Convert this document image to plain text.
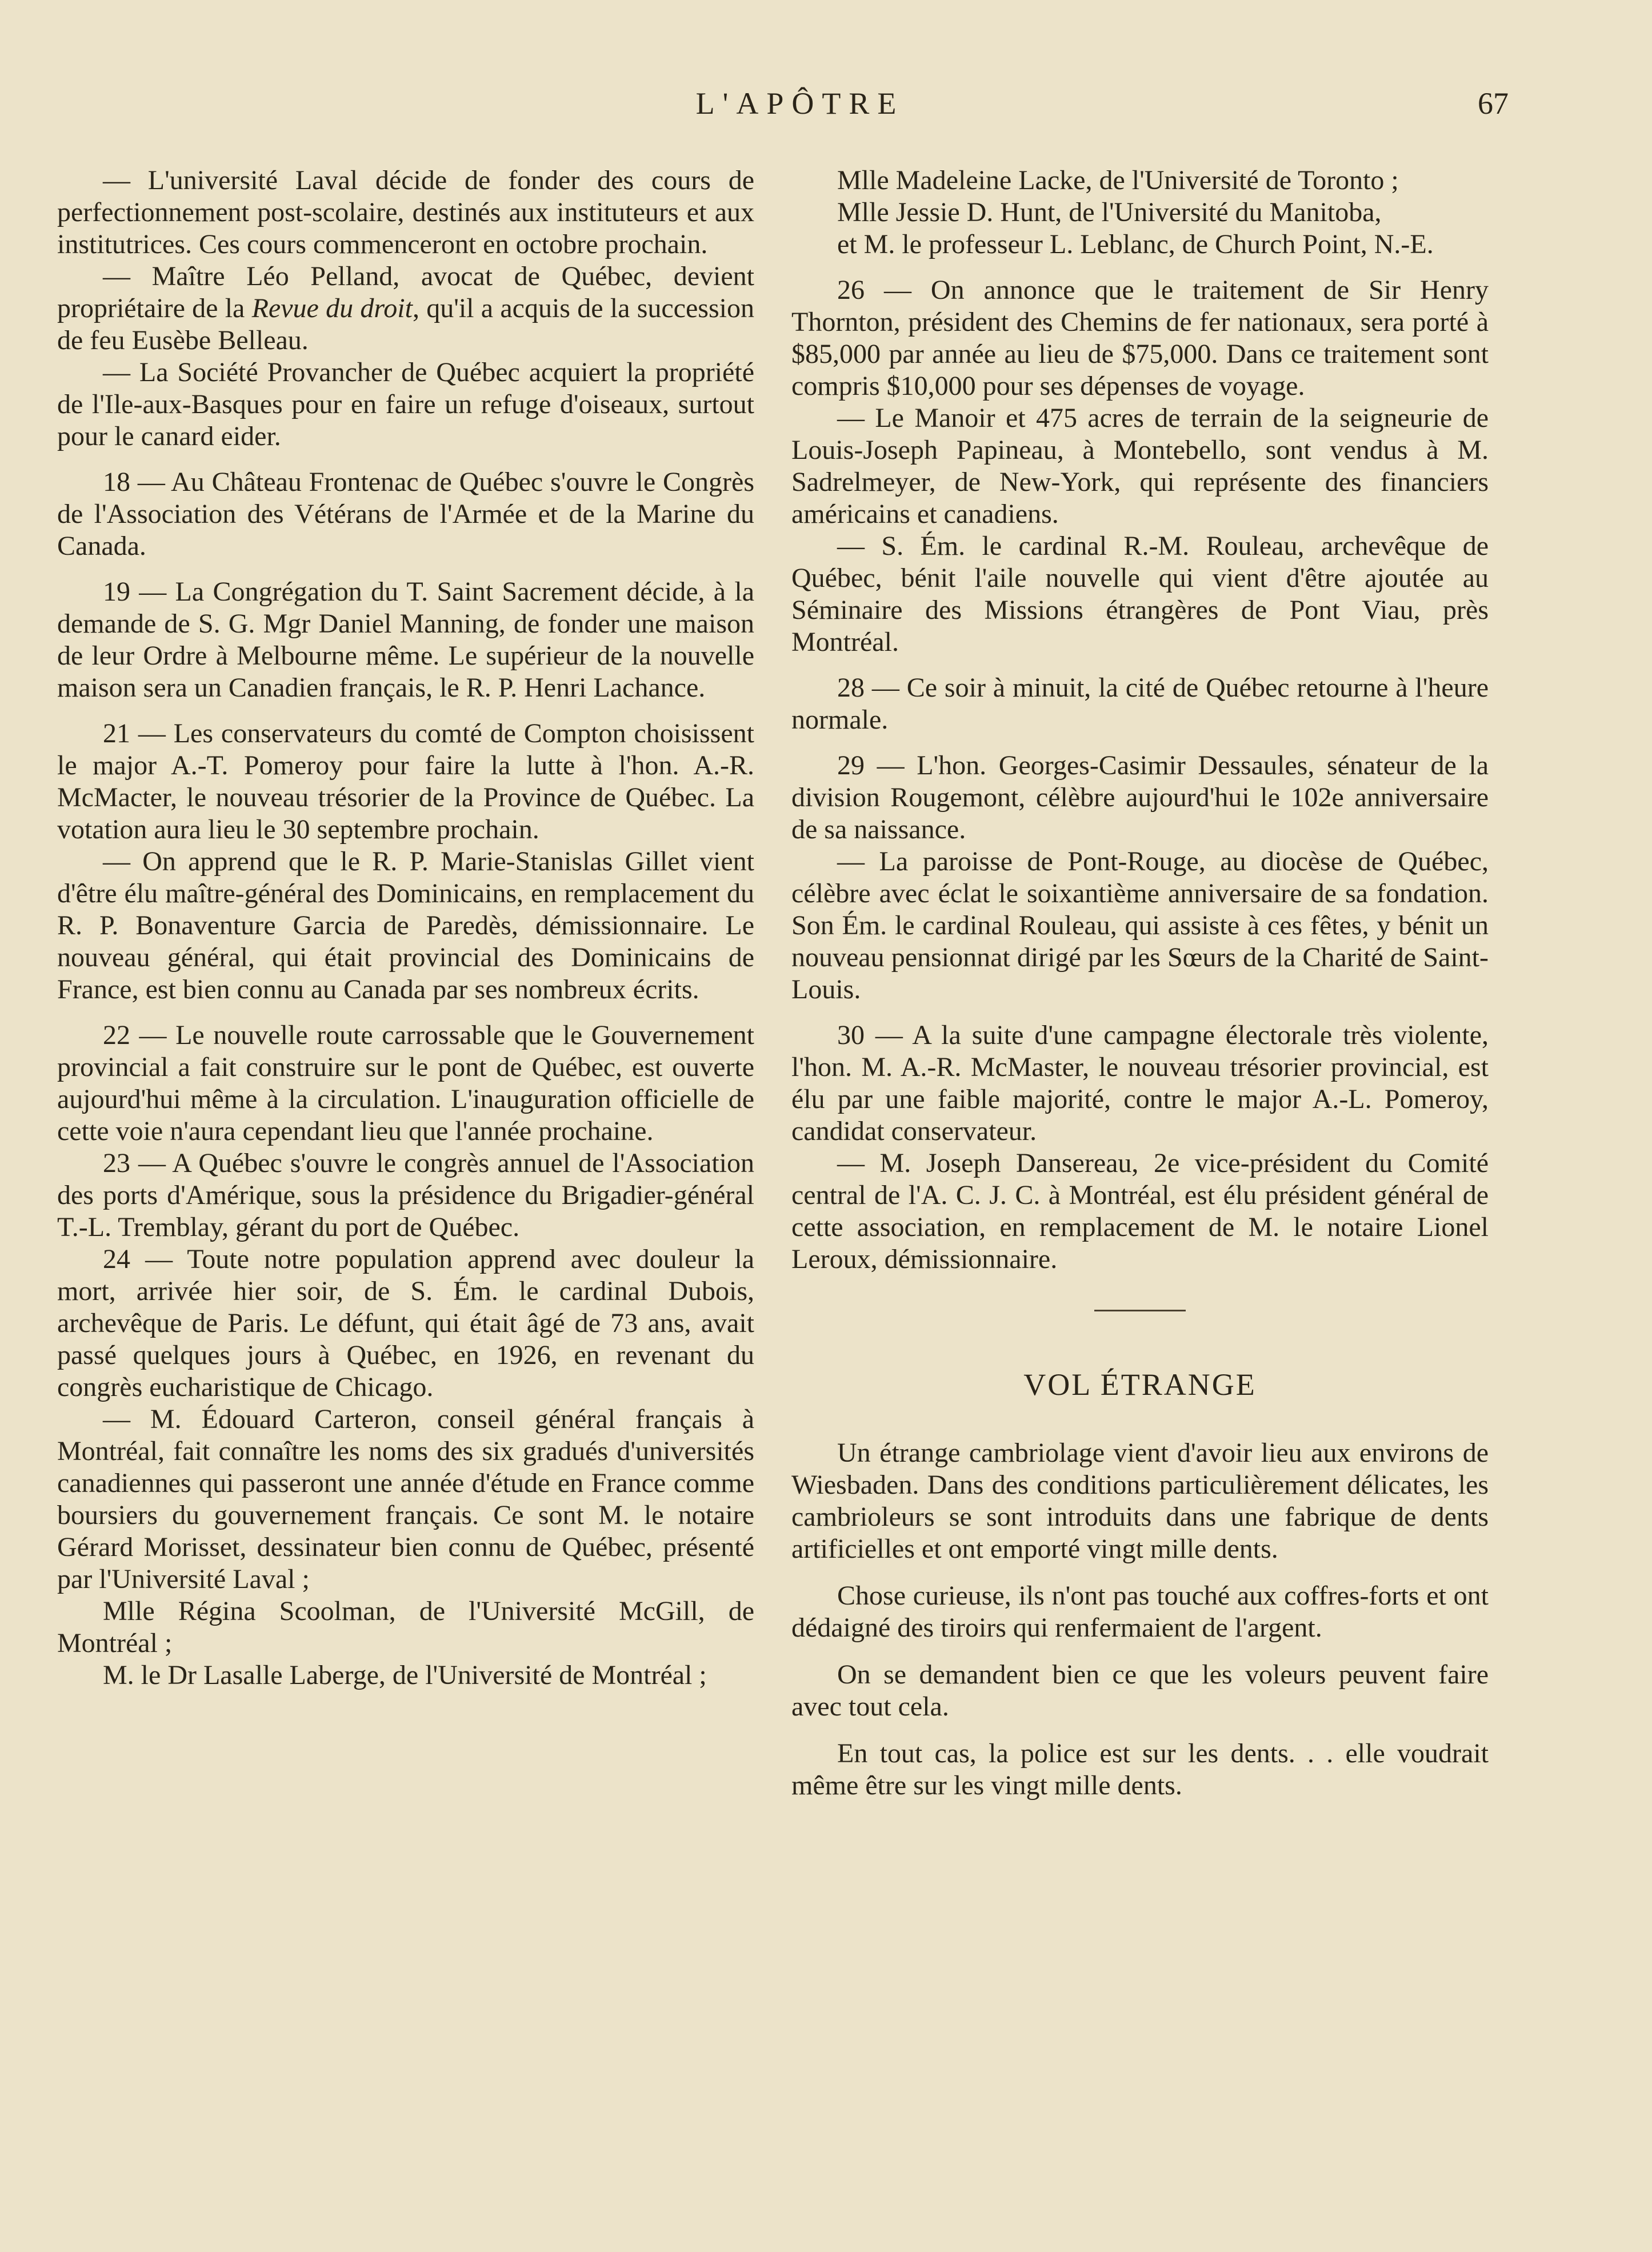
L'APÔTRE	67

— L'université Laval décide de fonder des cours de perfectionnement post-scolaire, destinés aux instituteurs et aux institutrices. Ces cours commenceront en octobre prochain.

— Maître Léo Pelland, avocat de Québec, devient propriétaire de la Revue du droit, qu'il a acquis de la succession de feu Eusèbe Belleau.

— La Société Provancher de Québec acquiert la propriété de l'Ile-aux-Basques pour en faire un refuge d'oiseaux, surtout pour le canard eider.

18 — Au Château Frontenac de Québec s'ouvre le Congrès de l'Association des Vétérans de l'Armée et de la Marine du Canada.

19 — La Congrégation du T. Saint Sacrement décide, à la demande de S. G. Mgr Daniel Manning, de fonder une maison de leur Ordre à Melbourne même. Le supérieur de la nouvelle maison sera un Canadien français, le R. P. Henri Lachance.

21 — Les conservateurs du comté de Compton choisissent le major A.-T. Pomeroy pour faire la lutte à l'hon. A.-R. McMacter, le nouveau trésorier de la Province de Québec. La votation aura lieu le 30 septembre prochain.

— On apprend que le R. P. Marie-Stanislas Gillet vient d'être élu maître-général des Dominicains, en remplacement du R. P. Bonaventure Garcia de Paredès, démissionnaire. Le nouveau général, qui était provincial des Dominicains de France, est bien connu au Canada par ses nombreux écrits.

22 — Le nouvelle route carrossable que le Gouvernement provincial a fait construire sur le pont de Québec, est ouverte aujourd'hui même à la circulation. L'inauguration officielle de cette voie n'aura cependant lieu que l'année prochaine.

23 — A Québec s'ouvre le congrès annuel de l'Association des ports d'Amérique, sous la présidence du Brigadier-général T.-L. Tremblay, gérant du port de Québec.

24 — Toute notre population apprend avec douleur la mort, arrivée hier soir, de S. Ém. le cardinal Dubois, archevêque de Paris. Le défunt, qui était âgé de 73 ans, avait passé quelques jours à Québec, en 1926, en revenant du congrès eucharistique de Chicago.

— M. Édouard Carteron, conseil général français à Montréal, fait connaître les noms des six gradués d'universités canadiennes qui passeront une année d'étude en France comme boursiers du gouvernement français. Ce sont M. le notaire Gérard Morisset, dessinateur bien connu de Québec, présenté par l'Université Laval ;

Mlle Régina Scoolman, de l'Université McGill, de Montréal ;

M. le Dr Lasalle Laberge, de l'Université de Montréal ;

Mlle Madeleine Lacke, de l'Université de Toronto ;

Mlle Jessie D. Hunt, de l'Université du Manitoba,

et M. le professeur L. Leblanc, de Church Point, N.-E.

26 — On annonce que le traitement de Sir Henry Thornton, président des Chemins de fer nationaux, sera porté à $85,000 par année au lieu de $75,000. Dans ce traitement sont compris $10,000 pour ses dépenses de voyage.

— Le Manoir et 475 acres de terrain de la seigneurie de Louis-Joseph Papineau, à Montebello, sont vendus à M. Sadrelmeyer, de New-York, qui représente des financiers américains et canadiens.

— S. Ém. le cardinal R.-M. Rouleau, archevêque de Québec, bénit l'aile nouvelle qui vient d'être ajoutée au Séminaire des Missions étrangères de Pont Viau, près Montréal.

28 — Ce soir à minuit, la cité de Québec retourne à l'heure normale.

29 — L'hon. Georges-Casimir Dessaules, sénateur de la division Rougemont, célèbre aujourd'hui le 102e anniversaire de sa naissance.

— La paroisse de Pont-Rouge, au diocèse de Québec, célèbre avec éclat le soixantième anniversaire de sa fondation. Son Ém. le cardinal Rouleau, qui assiste à ces fêtes, y bénit un nouveau pensionnat dirigé par les Sœurs de la Charité de Saint-Louis.

30 — A la suite d'une campagne électorale très violente, l'hon. M. A.-R. McMaster, le nouveau trésorier provincial, est élu par une faible majorité, contre le major A.-L. Pomeroy, candidat conservateur.

— M. Joseph Dansereau, 2e vice-président du Comité central de l'A. C. J. C. à Montréal, est élu président général de cette association, en remplacement de M. le notaire Lionel Leroux, démissionnaire.

VOL ÉTRANGE

Un étrange cambriolage vient d'avoir lieu aux environs de Wiesbaden. Dans des conditions particulièrement délicates, les cambrioleurs se sont introduits dans une fabrique de dents artificielles et ont emporté vingt mille dents.

Chose curieuse, ils n'ont pas touché aux coffres-forts et ont dédaigné des tiroirs qui renfermaient de l'argent.

On se demandent bien ce que les voleurs peuvent faire avec tout cela.

En tout cas, la police est sur les dents. . . elle voudrait même être sur les vingt mille dents.
